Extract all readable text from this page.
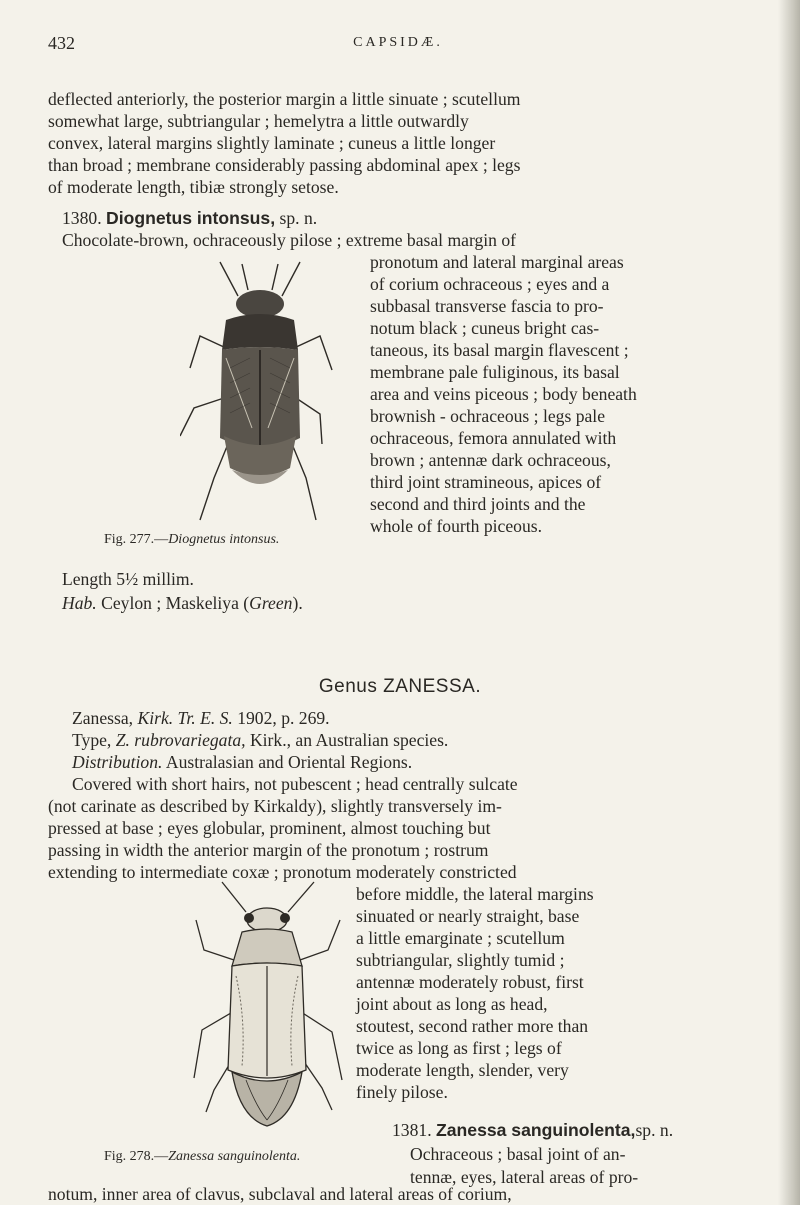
432	CAPSIDÆ.
deflected anteriorly, the posterior margin a little sinuate ; scutellum
somewhat large, subtriangular ; hemelytra a little outwardly
convex, lateral margins slightly laminate ; cuneus a little longer
than broad ; membrane considerably passing abdominal apex ; legs
of moderate length, tibiæ strongly setose.
1380. Diognetus intonsus, sp. n.
Chocolate-brown, ochraceously pilose ; extreme basal margin of
pronotum and lateral marginal areas
of corium ochraceous ; eyes and a
subbasal transverse fascia to pro-
notum black ; cuneus bright cas-
taneous, its basal margin flavescent ;
membrane pale fuliginous, its basal
area and veins piceous ; body beneath
brownish - ochraceous ; legs pale
ochraceous, femora annulated with
brown ; antennæ dark ochraceous,
third joint stramineous, apices of
second and third joints and the
whole of fourth piceous.
Fig. 277.—Diognetus intonsus.
Length 5½ millim.
Hab. Ceylon ; Maskeliya (Green).
Genus ZANESSA.
Zanessa, Kirk. Tr. E. S. 1902, p. 269.
Type, Z. rubrovariegata, Kirk., an Australian species.
Distribution. Australasian and Oriental Regions.
Covered with short hairs, not pubescent ; head centrally sulcate
(not carinate as described by Kirkaldy), slightly transversely im-
pressed at base ; eyes globular, prominent, almost touching but
passing in width the anterior margin of the pronotum ; rostrum
extending to intermediate coxæ ; pronotum moderately constricted
before middle, the lateral margins
sinuated or nearly straight, base
a little emarginate ; scutellum
subtriangular, slightly tumid ;
antennæ moderately robust, first
joint about as long as head,
stoutest, second rather more than
twice as long as first ; legs of
moderate length, slender, very
finely pilose.
Fig. 278.—Zanessa sanguinolenta.
1381. Zanessa sanguinolenta,sp. n.
Ochraceous ; basal joint of an-
tennæ, eyes, lateral areas of pro-
notum, inner area of clavus, subclaval and lateral areas of corium,
